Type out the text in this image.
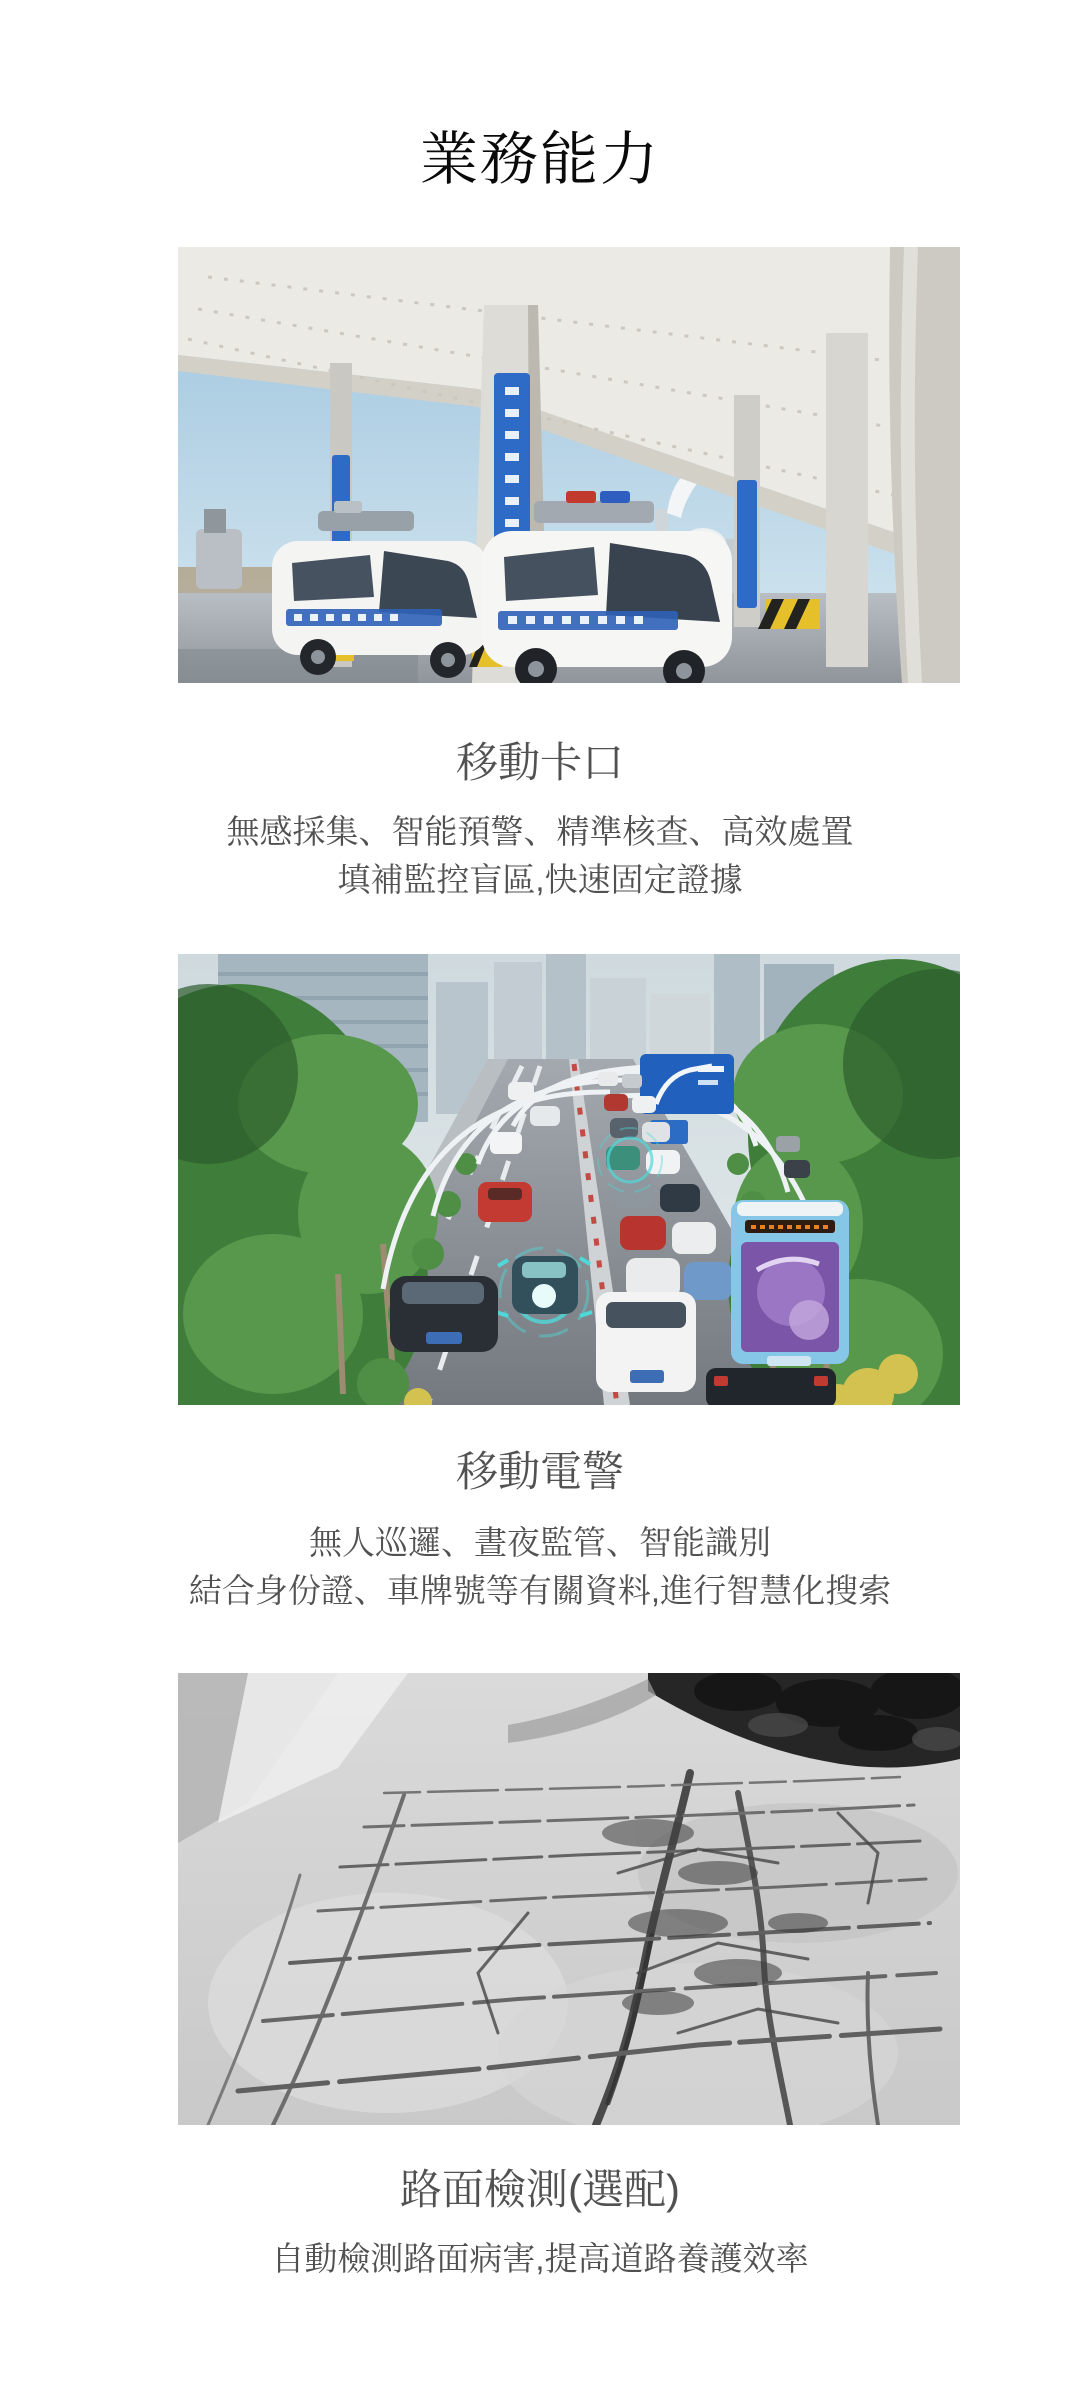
業務能力
移動卡口
無感採集、智能預警、精準核查、高效處置
填補監控盲區,快速固定證據
移動電警
無人巡邏、晝夜監管、智能識別
結合身份證、車牌號等有關資料,進行智慧化搜索
路面檢測(選配)
自動檢測路面病害,提高道路養護效率
